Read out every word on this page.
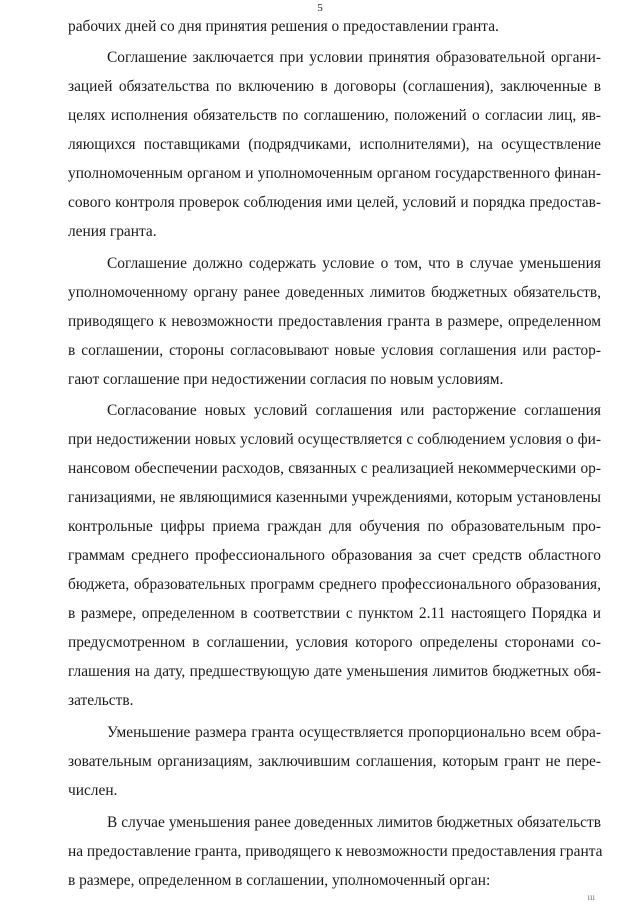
5
рабочих дней со дня принятия решения о предоставлении гранта.
Соглашение заключается при условии принятия образовательной органи-
зацией обязательства по включению в договоры (соглашения), заключенные в
целях исполнения обязательств по соглашению, положений о согласии лиц, яв-
ляющихся поставщиками (подрядчиками, исполнителями), на осуществление
уполномоченным органом и уполномоченным органом государственного финан-
сового контроля проверок соблюдения ими целей, условий и порядка предостав-
ления гранта.
Соглашение должно содержать условие о том, что в случае уменьшения
уполномоченному органу ранее доведенных лимитов бюджетных обязательств,
приводящего к невозможности предоставления гранта в размере, определенном
в соглашении, стороны согласовывают новые условия соглашения или растор-
гают соглашение при недостижении согласия по новым условиям.
Согласование новых условий соглашения или расторжение соглашения
при недостижении новых условий осуществляется с соблюдением условия о фи-
нансовом обеспечении расходов, связанных с реализацией некоммерческими ор-
ганизациями, не являющимися казенными учреждениями, которым установлены
контрольные цифры приема граждан для обучения по образовательным про-
граммам среднего профессионального образования за счет средств областного
бюджета, образовательных программ среднего профессионального образования,
в размере, определенном в соответствии с пунктом 2.11 настоящего Порядка и
предусмотренном в соглашении, условия которого определены сторонами со-
глашения на дату, предшествующую дате уменьшения лимитов бюджетных обя-
зательств.
Уменьшение размера гранта осуществляется пропорционально всем обра-
зовательным организациям, заключившим соглашения, которым грант не пере-
числен.
В случае уменьшения ранее доведенных лимитов бюджетных обязательств
на предоставление гранта, приводящего к невозможности предоставления гранта
в размере, определенном в соглашении, уполномоченный орган:
ııı
